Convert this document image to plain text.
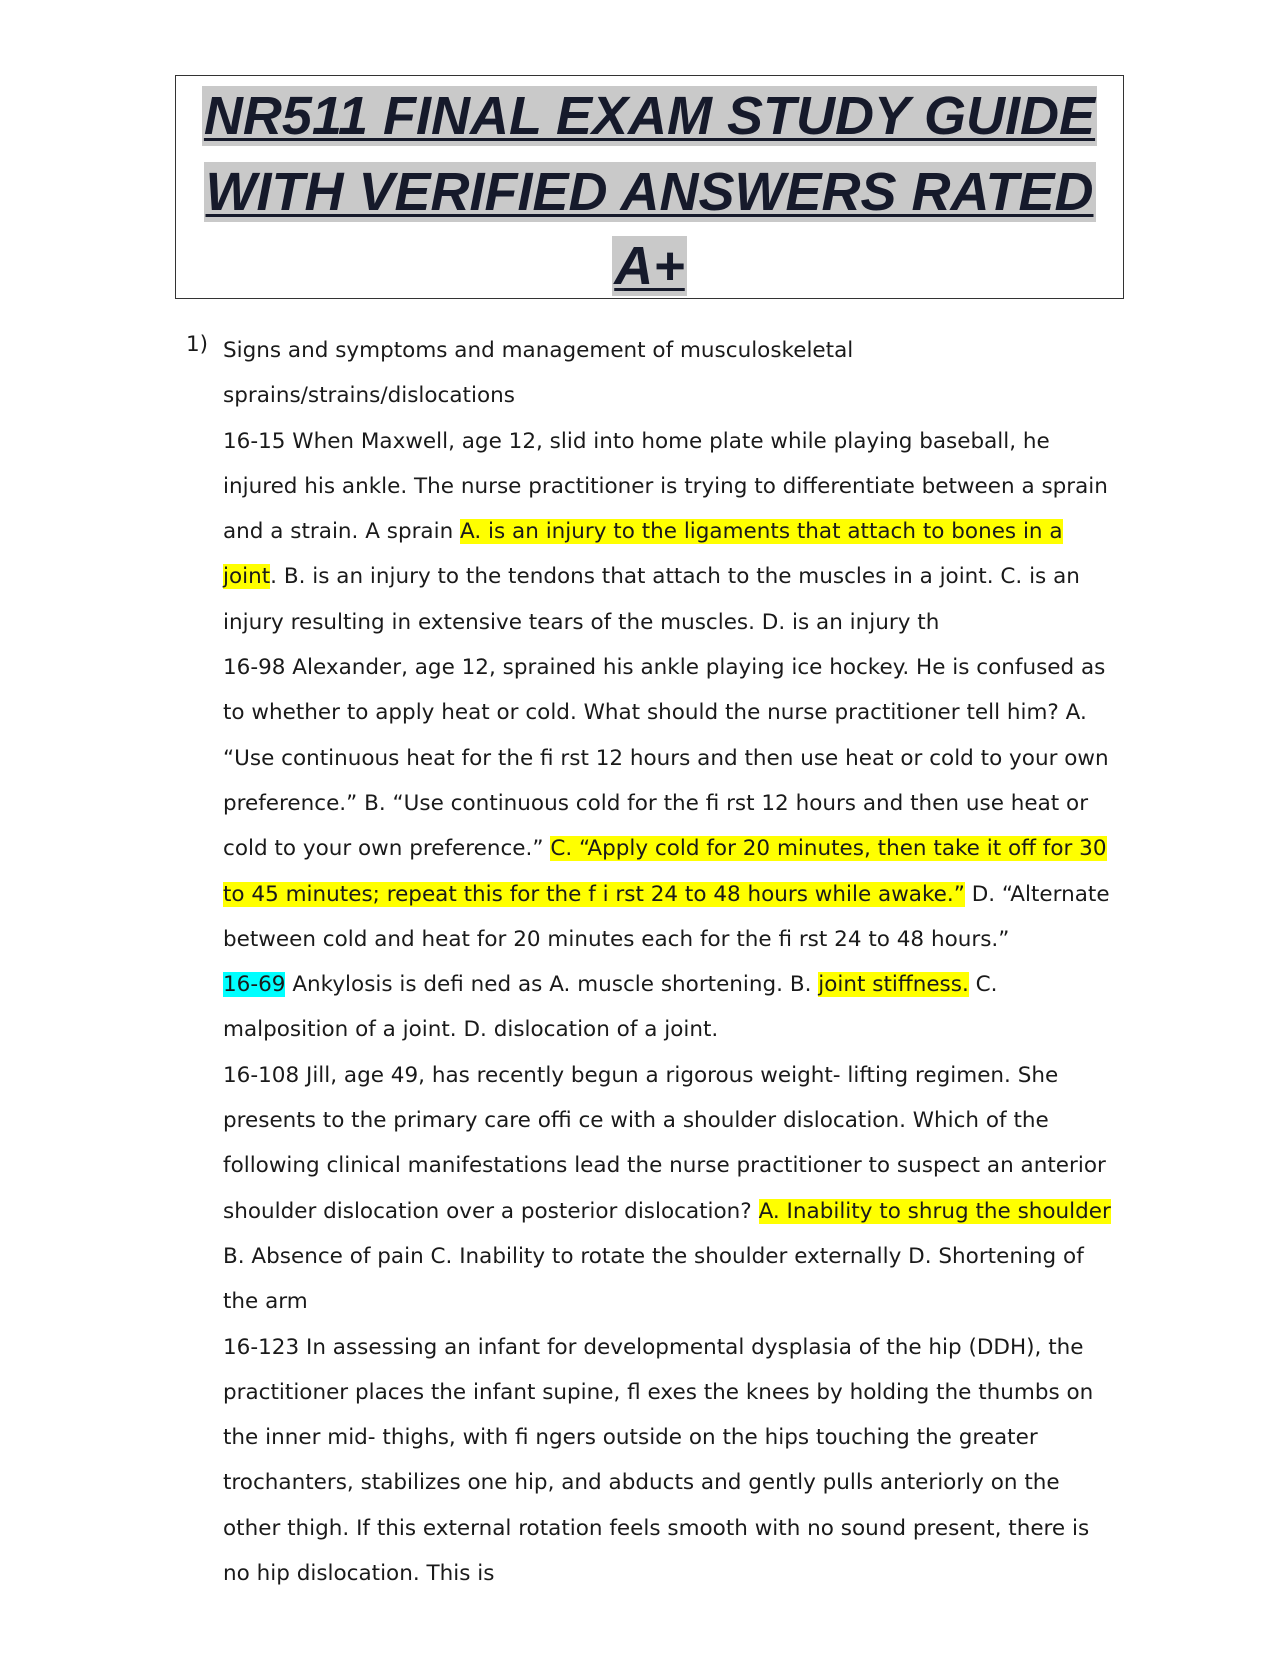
NR511 FINAL EXAM STUDY GUIDE
WITH VERIFIED ANSWERS RATED
A+
1) Signs and symptoms and management of musculoskeletal sprains/strains/dislocations

16-15 When Maxwell, age 12, slid into home plate while playing baseball, he injured his ankle. The nurse practitioner is trying to differentiate between a sprain and a strain. A sprain A. is an injury to the ligaments that attach to bones in a joint. B. is an injury to the tendons that attach to the muscles in a joint. C. is an injury resulting in extensive tears of the muscles. D. is an injury th

16-98 Alexander, age 12, sprained his ankle playing ice hockey. He is confused as to whether to apply heat or cold. What should the nurse practitioner tell him? A. “Use continuous heat for the fi rst 12 hours and then use heat or cold to your own preference.” B. “Use continuous cold for the fi rst 12 hours and then use heat or cold to your own preference.” C. “Apply cold for 20 minutes, then take it off for 30 to 45 minutes; repeat this for the f i rst 24 to 48 hours while awake.” D. “Alternate between cold and heat for 20 minutes each for the fi rst 24 to 48 hours.”

16-69 Ankylosis is defi ned as A. muscle shortening. B. joint stiffness. C. malposition of a joint. D. dislocation of a joint.

16-108 Jill, age 49, has recently begun a rigorous weight- lifting regimen. She presents to the primary care offi ce with a shoulder dislocation. Which of the following clinical manifestations lead the nurse practitioner to suspect an anterior shoulder dislocation over a posterior dislocation? A. Inability to shrug the shoulder B. Absence of pain C. Inability to rotate the shoulder externally D. Shortening of the arm

16-123 In assessing an infant for developmental dysplasia of the hip (DDH), the practitioner places the infant supine, fl exes the knees by holding the thumbs on the inner mid- thighs, with fi ngers outside on the hips touching the greater trochanters, stabilizes one hip, and abducts and gently pulls anteriorly on the other thigh. If this external rotation feels smooth with no sound present, there is no hip dislocation. This is
